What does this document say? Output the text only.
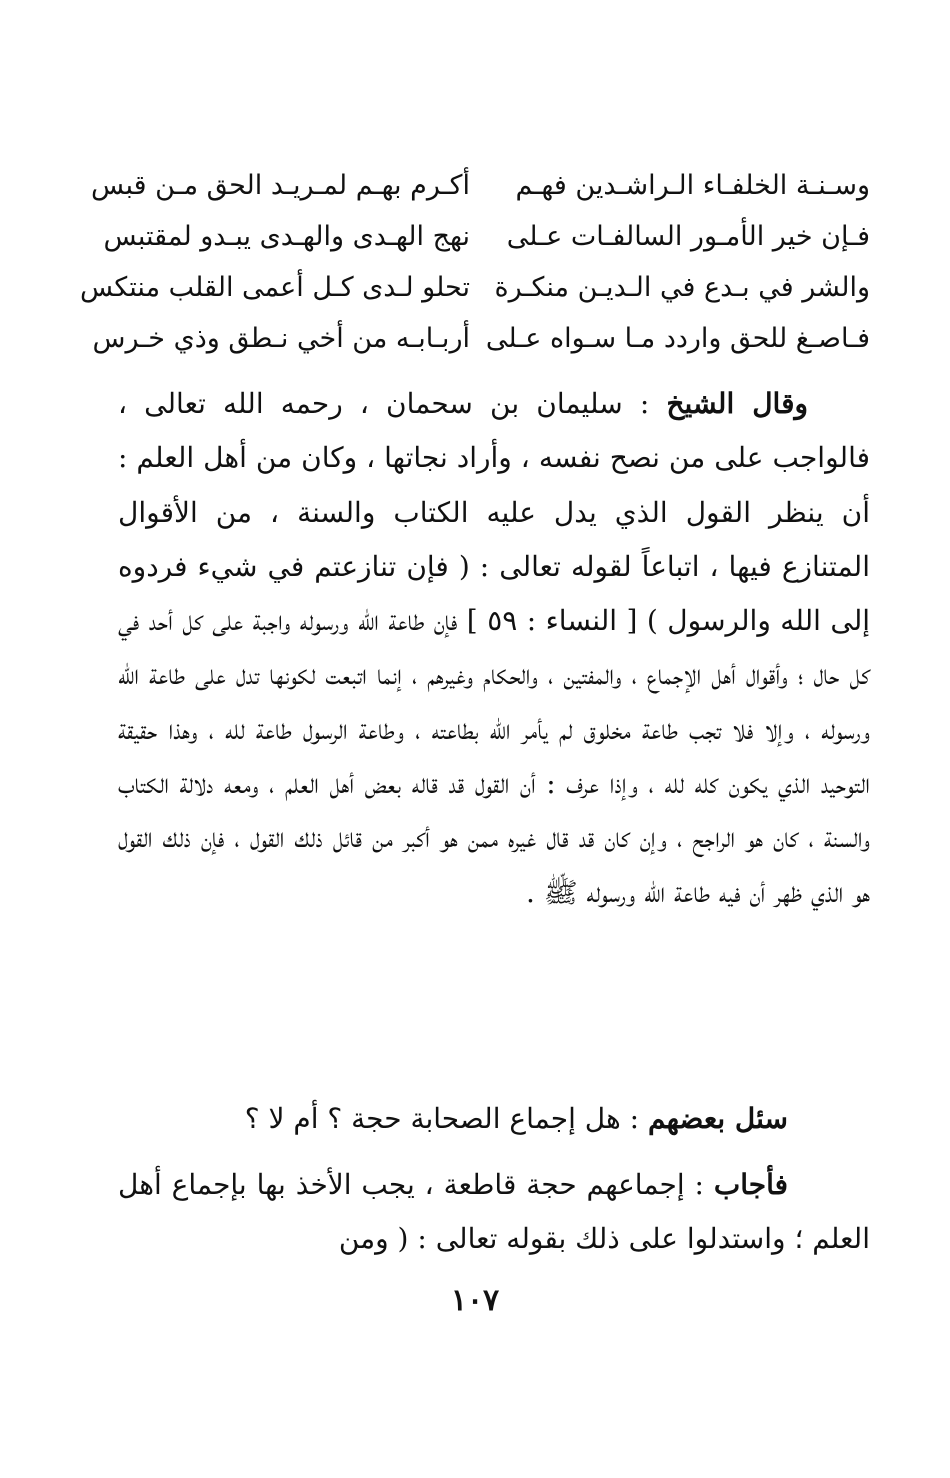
وسـنـة الخلفـاء الـراشـدين فهـم
أكـرم بهـم لمـريـد الحق مـن قبس
فـإن خير الأمـور السالفـات عـلى
نهج الهـدى والهـدى يبـدو لمقتبس
والشر في بـدع في الـديـن منكـرة
تحلو لـدى كـل أعمى القلب منتكس
فـاصـغ للحق واردد مـا سـواه عـلى
أربـابـه من أخي نـطق وذي خـرس

وقال الشيخ : سليمان بن سحمان ، رحمه الله تعالى ، فالواجب على من نصح نفسه ، وأراد نجاتها ، وكان من أهل العلم : أن ينظر القول الذي يدل عليه الكتاب والسنة ، من الأقوال المتنازع فيها ، اتباعاً لقوله تعالى : ( فإن تنازعتم في شيء فردوه إلى الله والرسول ) [ النساء : ٥٩ ] فإن طاعة الله ورسوله واجبة على كل أحد في كل حال ؛ وأقوال أهل الإجماع ، والمفتين ، والحكام وغيرهم ، إنما اتبعت لكونها تدل على طاعة الله ورسوله ، وإلا فلا تجب طاعة مخلوق لم يأمر الله بطاعته ، وطاعة الرسول طاعة لله ، وهذا حقيقة التوحيد الذي يكون كله لله ، وإذا عرف : أن القول قد قاله بعض أهل العلم ، ومعه دلالة الكتاب والسنة ، كان هو الراجح ، وإن كان قد قال غيره ممن هو أكبر من قائل ذلك القول ، فإن ذلك القول هو الذي ظهر أن فيه طاعة الله ورسوله ﷺ .

سئل بعضهم : هل إجماع الصحابة حجة ؟ أم لا ؟

فأجاب : إجماعهم حجة قاطعة ، يجب الأخذ بها بإجماع أهل العلم ؛ واستدلوا على ذلك بقوله تعالى : ( ومن

١٠٧
